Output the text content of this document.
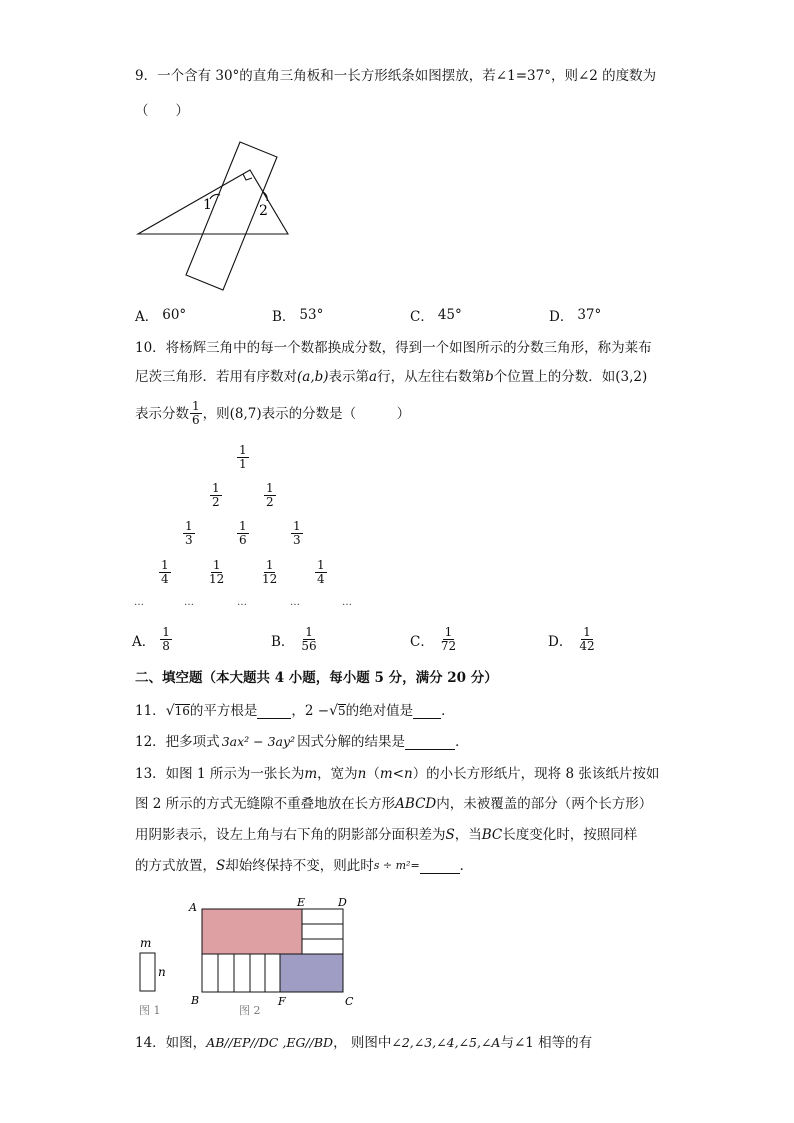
9．一个含有 30°的直角三角板和一长方形纸条如图摆放，若∠1=37°，则∠2 的度数为
（　　）
1	2
A． 60°	B． 53°	C． 45°	D． 37°
10．将杨辉三角中的每一个数都换成分数，得到一个如图所示的分数三角形，称为莱布
尼茨三角形．若用有序数对(a,b)表示第a行，从左往右数第b个位置上的分数．如(3,2)
表示分数 $\frac{1}{6}$ ，则 (8,7) 表示的分数是（　　　）
$\frac{1}{1}$
$\frac{1}{2}$	$\frac{1}{2}$
$\frac{1}{3}$	$\frac{1}{6}$	$\frac{1}{3}$
$\frac{1}{4}$	$\frac{1}{12}$	$\frac{1}{12}$	$\frac{1}{4}$
…	…	…	…	…
A． $\frac{1}{8}$	B． $\frac{1}{56}$	C． $\frac{1}{72}$	D． $\frac{1}{42}$
二、填空题（本大题共 4 小题，每小题 5 分，满分 20 分）
11． √ 16 的平方根是	， 2 − √ 5 的绝对值是 ．
12．把多项式 3ax² − 3ay² 因式分解的结果是	．
13．如图 1 所示为一张长为m，宽为n（m<n）的小长方形纸片，现将 8 张该纸片按如
图 2 所示的方式无缝隙不重叠地放在长方形ABCD内，未被覆盖的部分（两个长方形）
用阴影表示，设左上角与右下角的阴影部分面积差为S，当BC长度变化时，按照同样
的方式放置， S 却始终保持不变，则此时 s ÷ m²=	．
m
n
图 1
A	E	D
B	F	C
图 2
14．如图， AB//EP//DC ,EG//BD ， 则图中 ∠2,∠3,∠4,∠5,∠A 与∠1 相等的有
